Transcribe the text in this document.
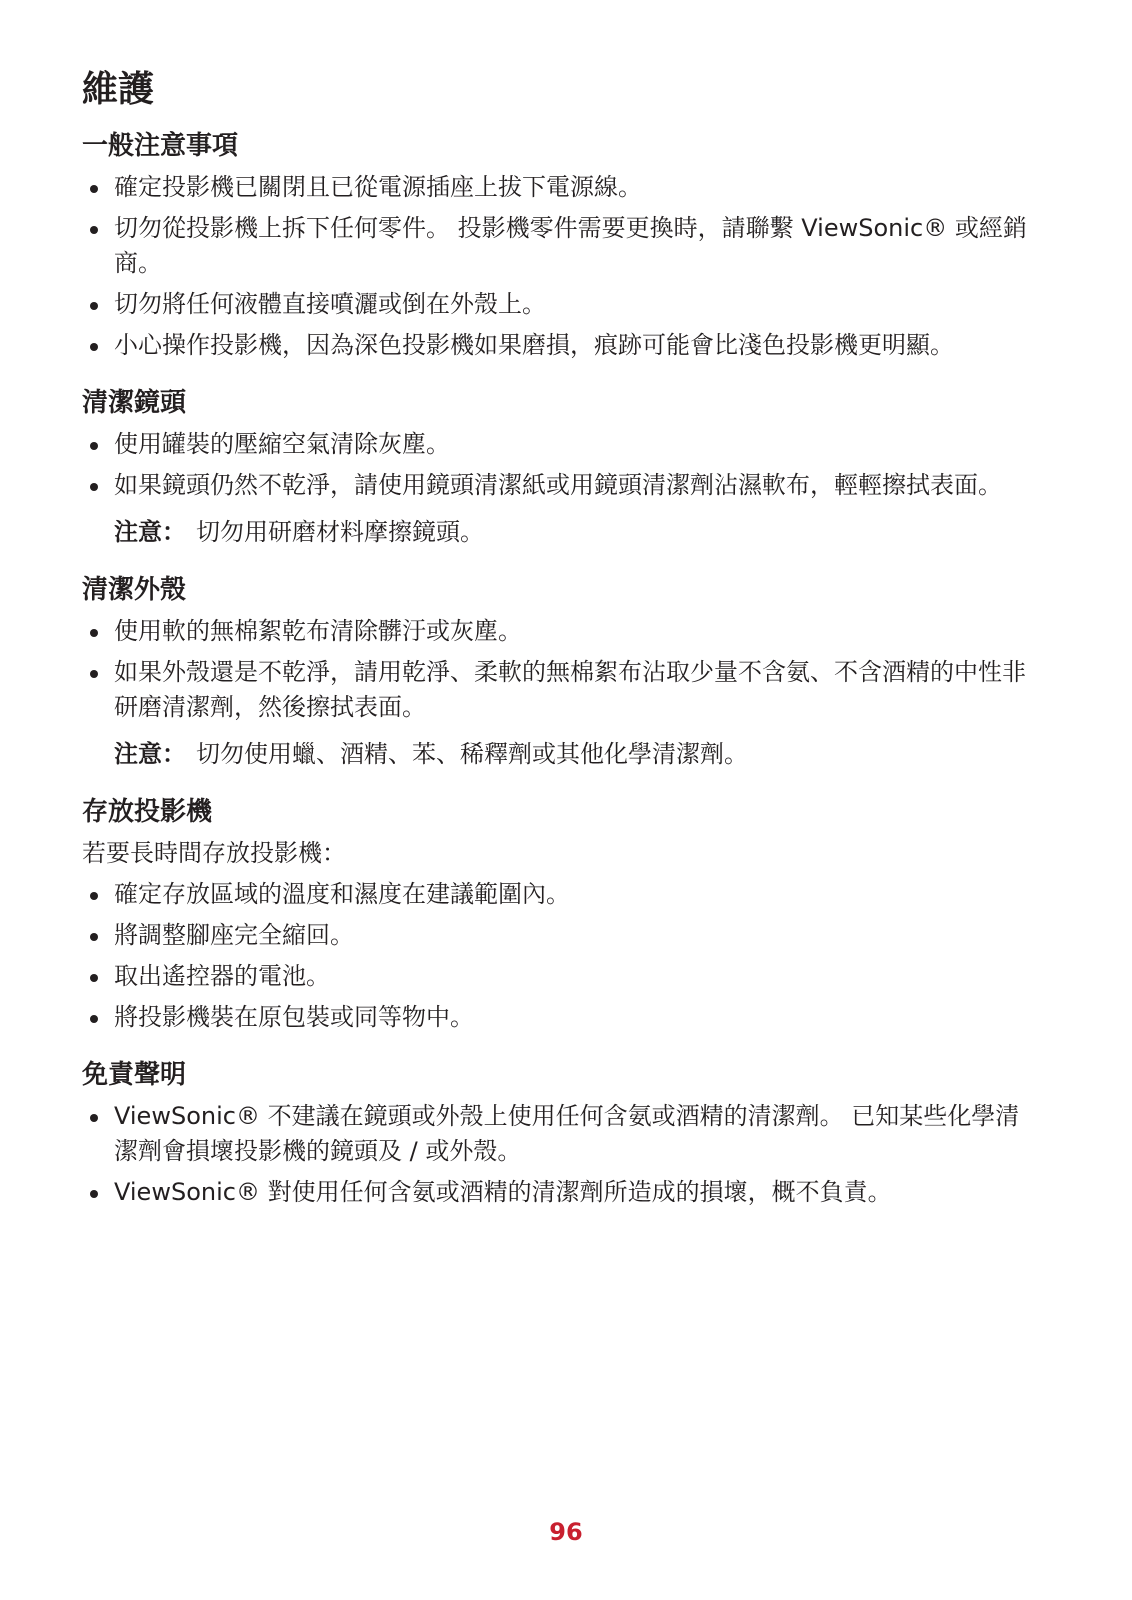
維護
一般注意事項
確定投影機已關閉且已從電源插座上拔下電源線。
切勿從投影機上拆下任何零件。 投影機零件需要更換時，請聯繫 ViewSonic® 或經銷商。
切勿將任何液體直接噴灑或倒在外殼上。
小心操作投影機，因為深色投影機如果磨損，痕跡可能會比淺色投影機更明顯。
清潔鏡頭
使用罐裝的壓縮空氣清除灰塵。
如果鏡頭仍然不乾淨，請使用鏡頭清潔紙或用鏡頭清潔劑沾濕軟布，輕輕擦拭表面。
注意： 切勿用研磨材料摩擦鏡頭。
清潔外殼
使用軟的無棉絮乾布清除髒汙或灰塵。
如果外殼還是不乾淨，請用乾淨、柔軟的無棉絮布沾取少量不含氨、不含酒精的中性非研磨清潔劑，然後擦拭表面。
注意： 切勿使用蠟、酒精、苯、稀釋劑或其他化學清潔劑。
存放投影機
若要長時間存放投影機：
確定存放區域的溫度和濕度在建議範圍內。
將調整腳座完全縮回。
取出遙控器的電池。
將投影機裝在原包裝或同等物中。
免責聲明
ViewSonic® 不建議在鏡頭或外殼上使用任何含氨或酒精的清潔劑。 已知某些化學清潔劑會損壞投影機的鏡頭及 / 或外殼。
ViewSonic® 對使用任何含氨或酒精的清潔劑所造成的損壞，概不負責。
96
